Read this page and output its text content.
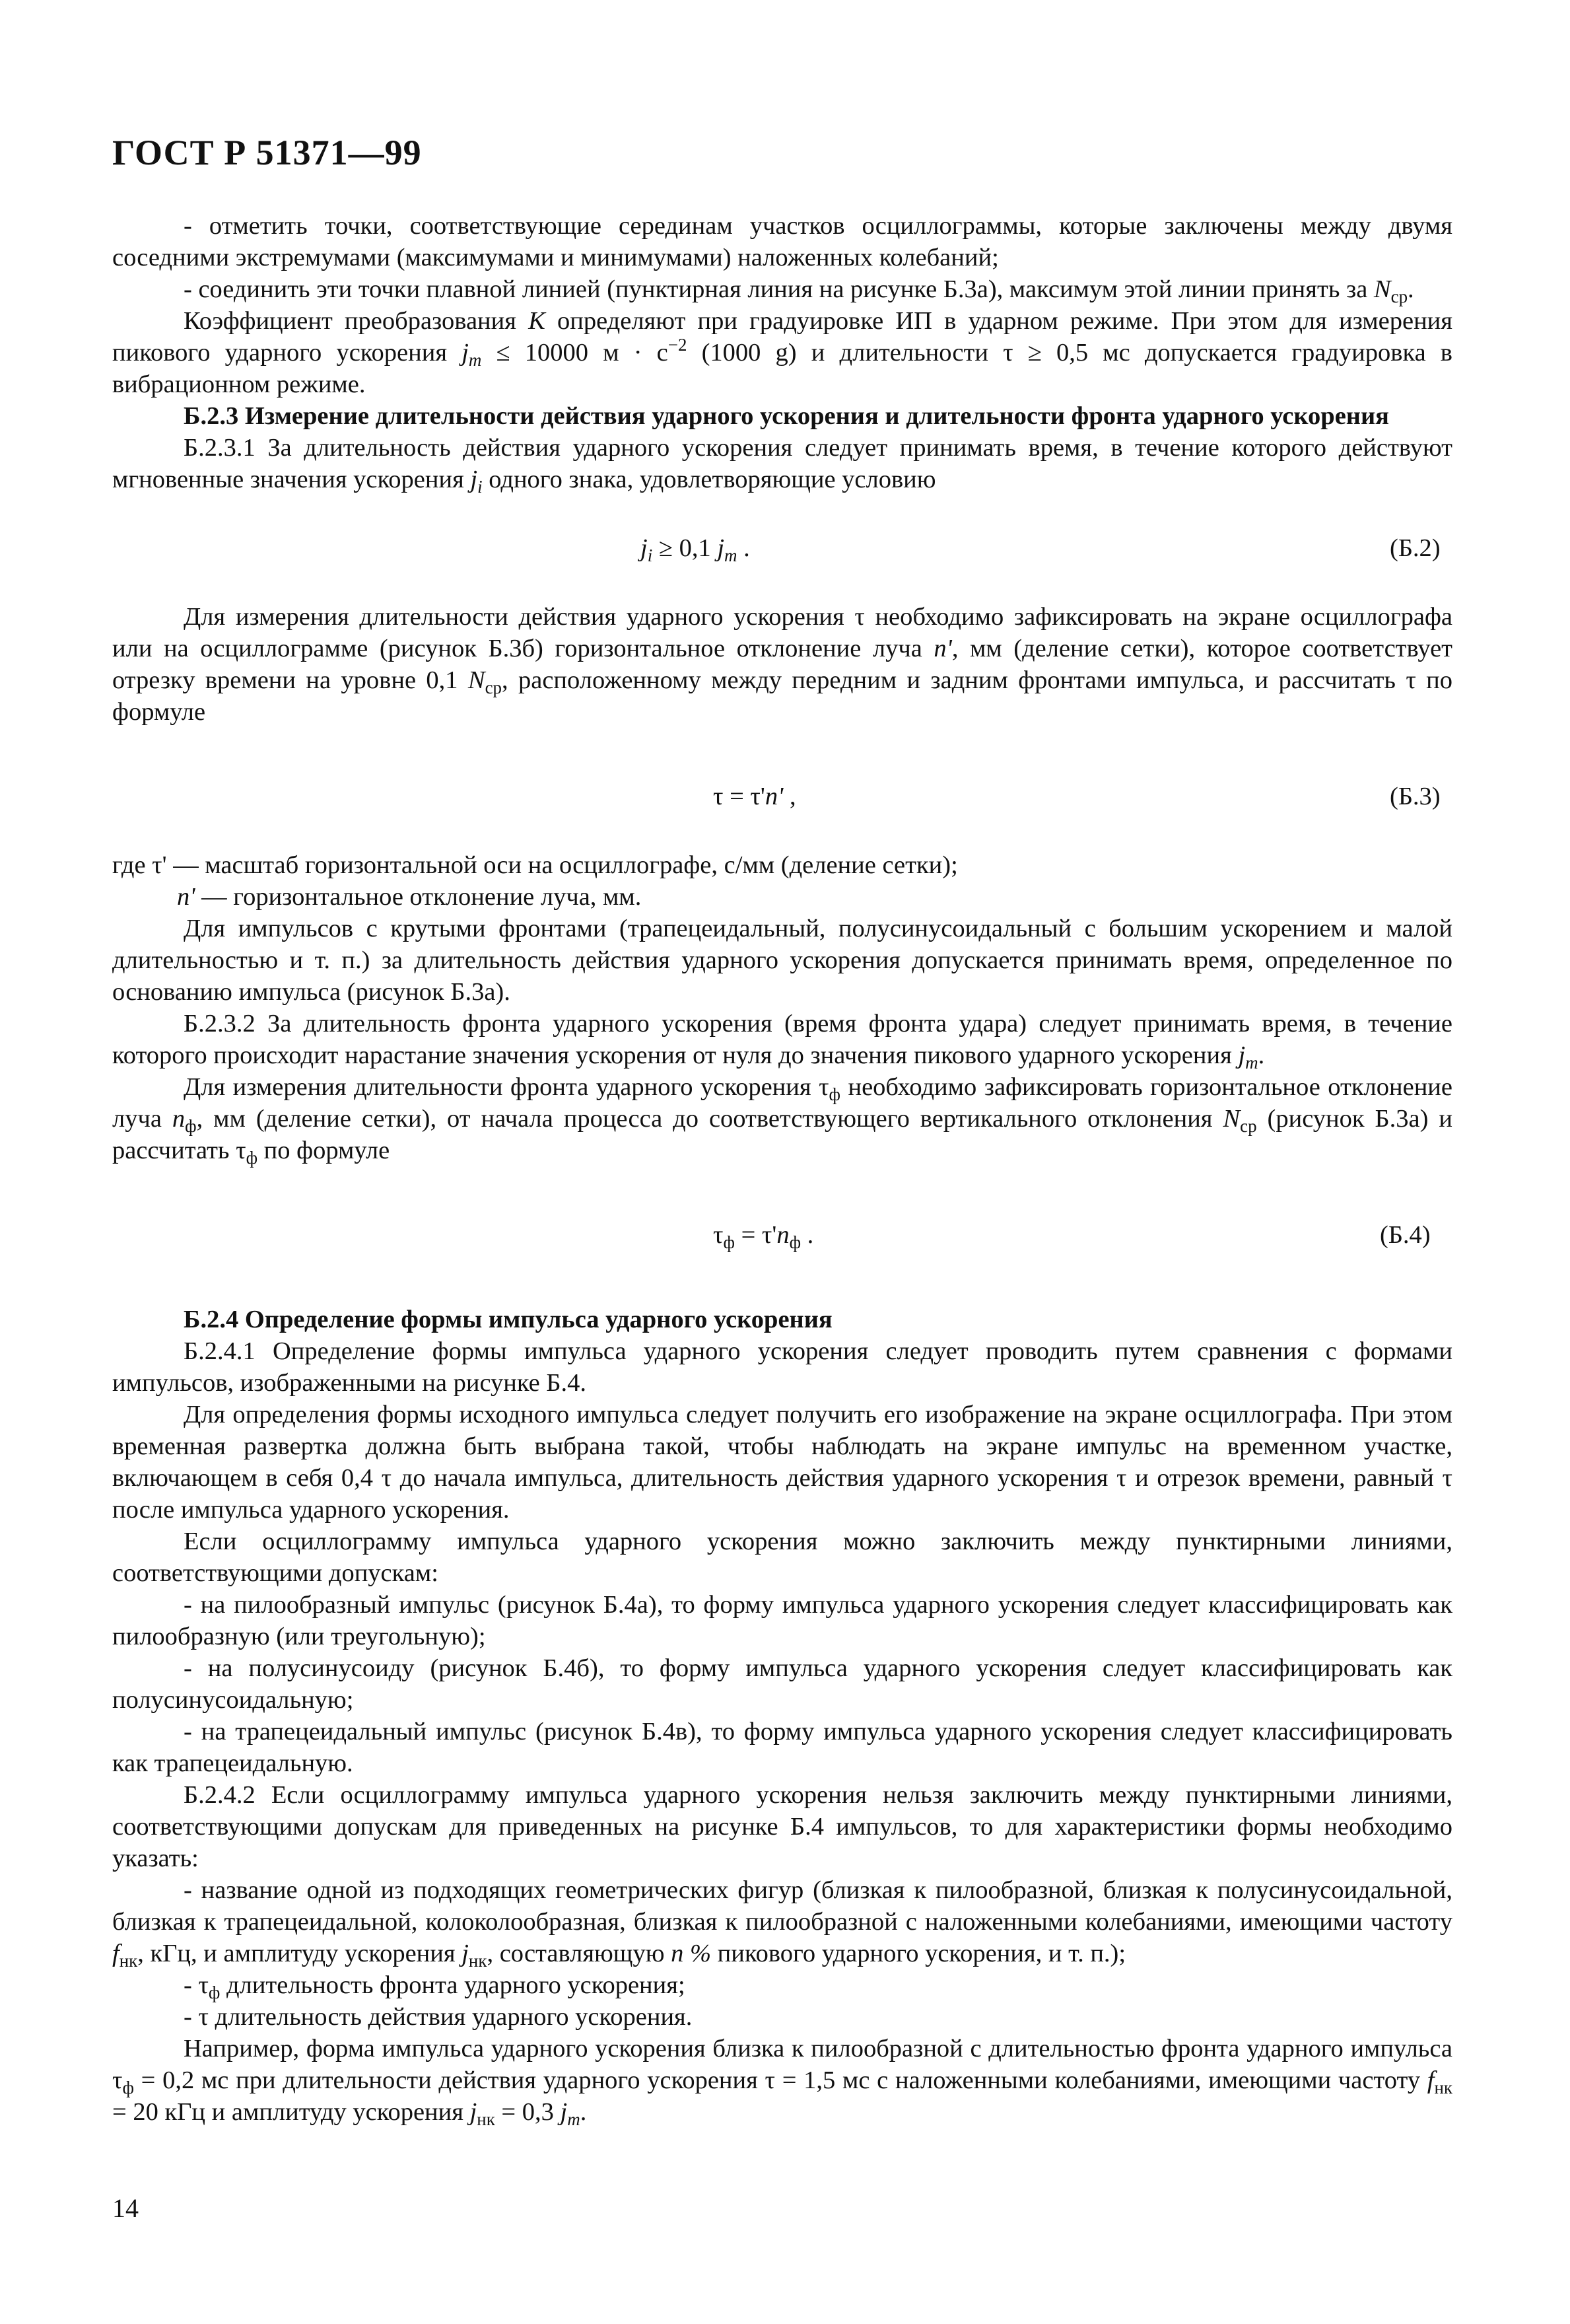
ГОСТ Р 51371—99

- отметить точки, соответствующие серединам участков осциллограммы, которые заключены между двумя соседними экстремумами (максимумами и минимумами) наложенных колебаний;

- соединить эти точки плавной линией (пунктирная линия на рисунке Б.3а), максимум этой линии принять за $N_{ср}$.

Коэффициент преобразования K определяют при градуировке ИП в ударном режиме. При этом для измерения пикового ударного ускорения $j_m \le 10000$ $м \cdot с^{-2}$ (1000 g) и длительности τ ≥ 0,5 мс допускается градуировка в вибрационном режиме.

Б.2.3 Измерение длительности действия ударного ускорения и длительности фронта ударного ускорения

Б.2.3.1 За длительность действия ударного ускорения следует принимать время, в течение которого действуют мгновенные значения ускорения $j_i$ одного знака, удовлетворяющие условию

$j_i \ge 0,1$ $j_m$ .	(Б.2)

Для измерения длительности действия ударного ускорения τ необходимо зафиксировать на экране осциллографа или на осциллограмме (рисунок Б.3б) горизонтальное отклонение луча n', мм (деление сетки), которое соответствует отрезку времени на уровне 0,1 $N_{ср}$, расположенному между передним и задним фронтами импульса, и рассчитать τ по формуле

τ = τ'n' ,	(Б.3)

где τ' — масштаб горизонтальной оси на осциллографе, с/мм (деление сетки);

n' — горизонтальное отклонение луча, мм.

Для импульсов с крутыми фронтами (трапецеидальный, полусинусоидальный с большим ускорением и малой длительностью и т. п.) за длительность действия ударного ускорения допускается принимать время, определенное по основанию импульса (рисунок Б.3а).

Б.2.3.2 За длительность фронта ударного ускорения (время фронта удара) следует принимать время, в течение которого происходит нарастание значения ускорения от нуля до значения пикового ударного ускорения $j_m$.

Для измерения длительности фронта ударного ускорения $\tau_ф$ необходимо зафиксировать горизонтальное отклонение луча $n_ф$, мм (деление сетки), от начала процесса до соответствующего вертикального отклонения $N_{ср}$ (рисунок Б.3а) и рассчитать $\tau_ф$ по формуле

$\tau_ф = \tau'n_ф$ .	(Б.4)

Б.2.4 Определение формы импульса ударного ускорения

Б.2.4.1 Определение формы импульса ударного ускорения следует проводить путем сравнения с формами импульсов, изображенными на рисунке Б.4.

Для определения формы исходного импульса следует получить его изображение на экране осциллографа. При этом временная развертка должна быть выбрана такой, чтобы наблюдать на экране импульс на временном участке, включающем в себя 0,4 τ до начала импульса, длительность действия ударного ускорения τ и отрезок времени, равный τ после импульса ударного ускорения.

Если осциллограмму импульса ударного ускорения можно заключить между пунктирными линиями, соответствующими допускам:

- на пилообразный импульс (рисунок Б.4а), то форму импульса ударного ускорения следует классифицировать как пилообразную (или треугольную);

- на полусинусоиду (рисунок Б.4б), то форму импульса ударного ускорения следует классифицировать как полусинусоидальную;

- на трапецеидальный импульс (рисунок Б.4в), то форму импульса ударного ускорения следует классифицировать как трапецеидальную.

Б.2.4.2 Если осциллограмму импульса ударного ускорения нельзя заключить между пунктирными линиями, соответствующими допускам для приведенных на рисунке Б.4 импульсов, то для характеристики формы необходимо указать:

- название одной из подходящих геометрических фигур (близкая к пилообразной, близкая к полусинусоидальной, близкая к трапецеидальной, колоколообразная, близкая к пилообразной с наложенными колебаниями, имеющими частоту $f_{нк}$, кГц, и амплитуду ускорения $j_{нк}$, составляющую n % пикового ударного ускорения, и т. п.);

- $\tau_ф$ длительность фронта ударного ускорения;

- τ длительность действия ударного ускорения.

Например, форма импульса ударного ускорения близка к пилообразной с длительностью фронта ударного импульса $\tau_ф = 0,2$ мс при длительности действия ударного ускорения τ = 1,5 мс с наложенными колебаниями, имеющими частоту $f_{нк} = 20$ кГц и амплитуду ускорения $j_{нк} = 0,3$ $j_m$.

14
